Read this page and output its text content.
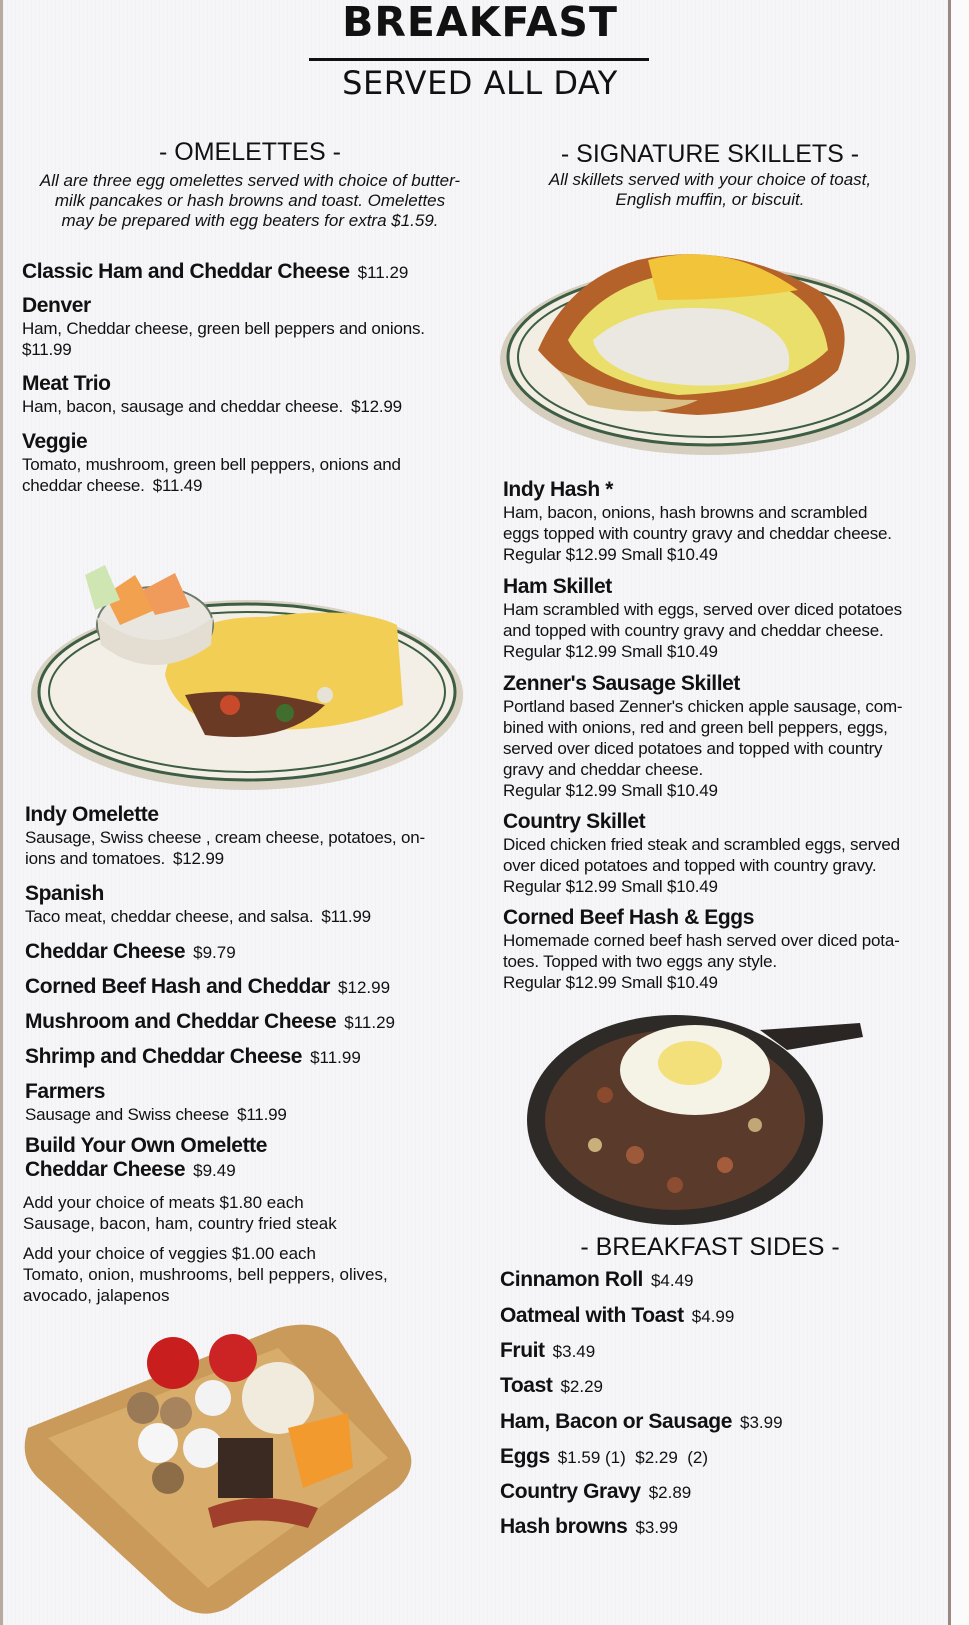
BREAKFAST
SERVED ALL DAY
- OMELETTES -
All are three egg omelettes served with choice of butter-
milk pancakes or hash browns and toast. Omelettes
may be prepared with egg beaters for extra $1.59.
Classic Ham and Cheddar Cheese $11.29
Denver
Ham, Cheddar cheese, green bell peppers and onions.
$11.99
Meat Trio
Ham, bacon, sausage and cheddar cheese. $12.99
Veggie
Tomato, mushroom, green bell peppers, onions and
cheddar cheese. $11.49
Indy Omelette
Sausage, Swiss cheese , cream cheese, potatoes, on-
ions and tomatoes. $12.99
Spanish
Taco meat, cheddar cheese, and salsa. $11.99
Cheddar Cheese $9.79
Corned Beef Hash and Cheddar $12.99
Mushroom and Cheddar Cheese $11.29
Shrimp and Cheddar Cheese $11.99
Farmers
Sausage and Swiss cheese $11.99
Build Your Own Omelette
Cheddar Cheese $9.49
Add your choice of meats $1.80 each
Sausage, bacon, ham, country fried steak
Add your choice of veggies $1.00 each
Tomato, onion, mushrooms, bell peppers, olives,
avocado, jalapenos
- SIGNATURE SKILLETS -
All skillets served with your choice of toast,
English muffin, or biscuit.
Indy Hash *
Ham, bacon, onions, hash browns and scrambled
eggs topped with country gravy and cheddar cheese.
Regular $12.99 Small $10.49
Ham Skillet
Ham scrambled with eggs, served over diced potatoes
and topped with country gravy and cheddar cheese.
Regular $12.99 Small $10.49
Zenner's Sausage Skillet
Portland based Zenner's chicken apple sausage, com-
bined with onions, red and green bell peppers, eggs,
served over diced potatoes and topped with country
gravy and cheddar cheese.
Regular $12.99 Small $10.49
Country Skillet
Diced chicken fried steak and scrambled eggs, served
over diced potatoes and topped with country gravy.
Regular $12.99 Small $10.49
Corned Beef Hash & Eggs
Homemade corned beef hash served over diced pota-
toes. Topped with two eggs any style.
Regular $12.99 Small $10.49
- BREAKFAST SIDES -
Cinnamon Roll $4.49
Oatmeal with Toast $4.99
Fruit $3.49
Toast $2.29
Ham, Bacon or Sausage $3.99
Eggs $1.59 (1)  $2.29  (2)
Country Gravy $2.89
Hash browns $3.99
